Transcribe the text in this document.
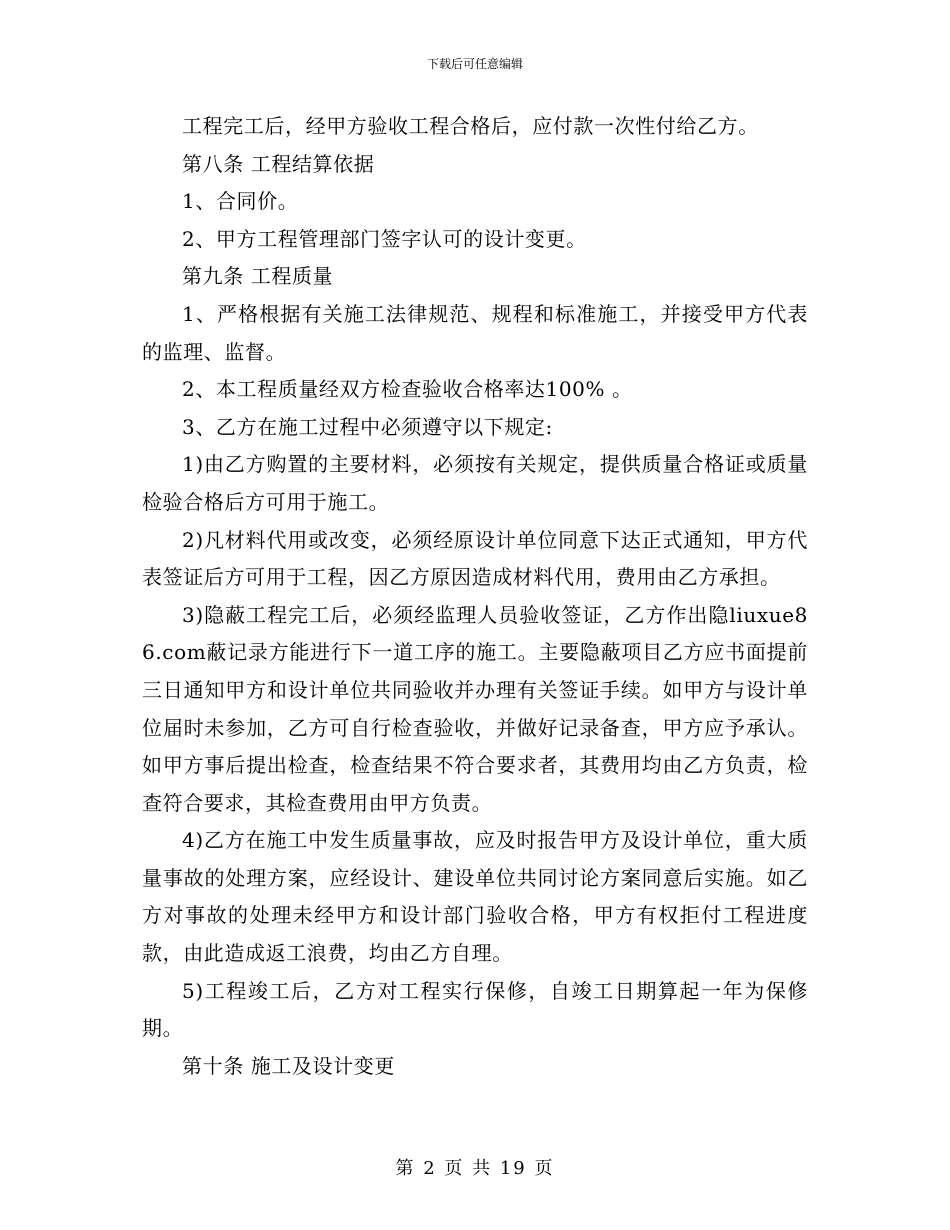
下载后可任意编辑

工程完工后，经甲方验收工程合格后，应付款一次性付给乙方。

第八条 工程结算依据

1、合同价。

2、甲方工程管理部门签字认可的设计变更。

第九条 工程质量

1、严格根据有关施工法律规范、规程和标准施工，并接受甲方代表的监理、监督。

2、本工程质量经双方检查验收合格率达100% 。

3、乙方在施工过程中必须遵守以下规定:

1)由乙方购置的主要材料，必须按有关规定，提供质量合格证或质量检验合格后方可用于施工。

2)凡材料代用或改变，必须经原设计单位同意下达正式通知，甲方代表签证后方可用于工程，因乙方原因造成材料代用，费用由乙方承担。

3)隐蔽工程完工后，必须经监理人员验收签证，乙方作出隐liuxue86.com蔽记录方能进行下一道工序的施工。主要隐蔽项目乙方应书面提前三日通知甲方和设计单位共同验收并办理有关签证手续。如甲方与设计单位届时未参加，乙方可自行检查验收，并做好记录备查，甲方应予承认。如甲方事后提出检查，检查结果不符合要求者，其费用均由乙方负责，检查符合要求，其检查费用由甲方负责。

4)乙方在施工中发生质量事故，应及时报告甲方及设计单位，重大质量事故的处理方案，应经设计、建设单位共同讨论方案同意后实施。如乙方对事故的处理未经甲方和设计部门验收合格，甲方有权拒付工程进度款，由此造成返工浪费，均由乙方自理。

5)工程竣工后，乙方对工程实行保修，自竣工日期算起一年为保修期。

第十条 施工及设计变更

第 2 页 共 19 页
